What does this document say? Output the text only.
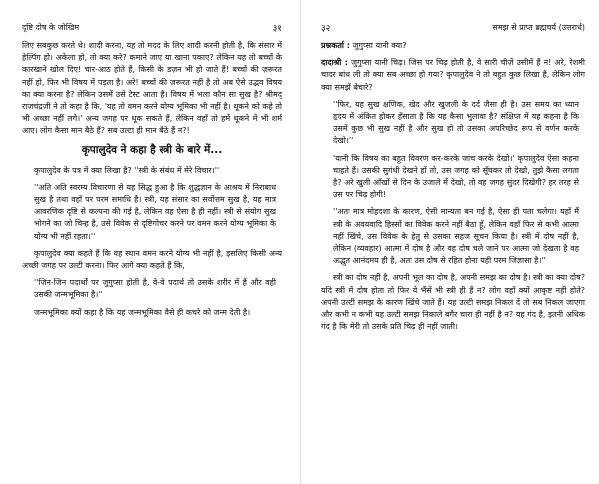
दृष्टि दोष के जोखिम	३१

लिए सबकुछ करते थे। शादी करना, यह तो मदद के लिए शादी करनी होती है, कि संसार में हेल्पिंग हो। अकेला हो, तो क्या करे? कमाने जाए या खाना पकाए? लेकिन यह तो बच्चों के कारखाने खोल दिए! चार-आठ होते हैं, किसी के डज़न भी हो जाते हैं! बच्चों की ज़रूरत नहीं हो, फिर भी विषय में पड़ता है। अरे! बच्चों की ज़रूरत नहीं है तो अब ऐसे उद्भव विषय का क्या करना है? लेकिन उसमें उसे टेस्ट आता है। विषय में भला कौन सा सुख है? श्रीमद् राजचंद्रजी ने तो कहा है कि, 'यह तो वमन करने योग्य भूमिका भी नहीं है। थूकने को कहे तो भी अच्छा नहीं लगे।' अन्य जगह पर थूक सकते हैं, लेकिन वहाँ तो हमें थूकने में भी शर्म आए। लोग कैसा मान बैठे हैं? सब उल्टा ही मान बैठे हैं न?!

कृपालुदेव ने कहा है स्त्री के बारे में...

कृपालुदेव के पत्र में क्या लिखा है? ''स्त्री के संबंध में मेरे विचार।''

''अति अति स्वरम्य विचारणा से यह सिद्ध हुआ है कि शुद्धज्ञान के आश्रय में निराबाध सुख है तथा वहाँ पर परम समाधि है। स्त्री, यह संसार का सर्वोत्तम सुख है, यह मात्र आवरणिक दृष्टि से कल्पना की गई है, लेकिन वह ऐसा है ही नहीं। स्त्री से संयोग सुख भोगने का जो चिन्ह है, उसे विवेक से दृष्टिगोचर करने पर वमन करने योग्य भूमिका के योग्य भी नहीं रहता।''

कृपालुदेव क्या कहते हैं कि वह स्थान वमन करने योग्य भी नहीं है, इसलिए किसी अन्य अच्छी जगह पर उल्टी करना। फिर आगे क्या कहते हैं कि,

''जिन-जिन पदार्थों पर जुगुप्सा होती है, वे-वे पदार्थ तो उसके शरीर में हैं और वही उसकी जन्मभूमिका है।''

जन्मभूमिका क्यों कहा है कि यह जन्मभूमिका वैसे ही कचरे को जन्म देती है।

३२	समझ से प्राप्त ब्रह्मचर्य (उत्तरार्ध)

प्रश्नकर्ता : जुगुप्सा यानी क्या?

दादाश्री : जुगुप्सा यानी चिढ़। जिस पर चिढ़ होती है, वे सारी चीज़ें उसीमें हैं न! अरे, रेशमी चादर बांध ली तो क्या सब अच्छा हो गया? कृपालुदेव ने तो बहुत कुछ लिखा है, लेकिन लोग क्या समझें बेचारे?

''फिर, यह सुख क्षणिक, खेद और खुजली के दर्द जैसा ही है। उस समय का ध्यान हृदय में अंकित होकर हँसाता है कि यह कैसा भुलावा है? संक्षिप्त में यह कहना है कि उसमें कुछ भी सुख नहीं है और सुख हो तो उसका अपरिच्छेद रूप से वर्णन करके देखो।''

'यानी कि विषय का बहुत विवरण कर-करके जांच करके देखो।' कृपालुदेव ऐसा कहना चाहते हैं। उसकी सुगंधी देखने हों तो, उस जगह को सूँघकर तो देखो, तुझे कैसा लगता है? अरे खुली आँखों से दिन के उजाले में देखो, तो वह जगह सुंदर दिखेगी? हर तरह से उस पर चिढ़ होगी!

''अतः मात्र मोहदशा के कारण, ऐसी मान्यता बन गई है, ऐसा ही पता चलेगा। यहाँ मैं स्त्री के अवयवादि हिस्सों का विवेक करने नहीं बैठा हूँ, लेकिन वहाँ फिर से कभी आत्मा नहीं खिंचे, उस विवेक के हेतु से उसका सहज सूचन किया है। स्त्री में दोष नहीं है, लेकिन (व्यवहार) आत्मा में दोष है और वह दोष चले जाने पर आत्मा जो देखता है वह अद्भुत आनंदमय ही है, अतः उस दोष से रहित होना यही परम जिज्ञासा है।''

स्त्री का दोष नहीं है, अपनी भूल का दोष है, अपनी समझ का दोष है। स्त्री का क्या दोष? यदि स्त्री में दोष होता तो फिर ये भैंसें भी स्त्री ही हैं न? लोग वहाँ क्यों आकृष्ट नहीं होते? अपनी उल्टी समझ के कारण खिंचे जाते हैं। यह उल्टी समझ निकल दें तो सब निकल जाएगा और कभी न कभी यह उल्टी समझ निकाले बगैर चारा ही नहीं है न? यह गंद है, इतनी अधिक गंद है कि मेरी तो उसके प्रति चिढ़ ही नहीं जाती।
